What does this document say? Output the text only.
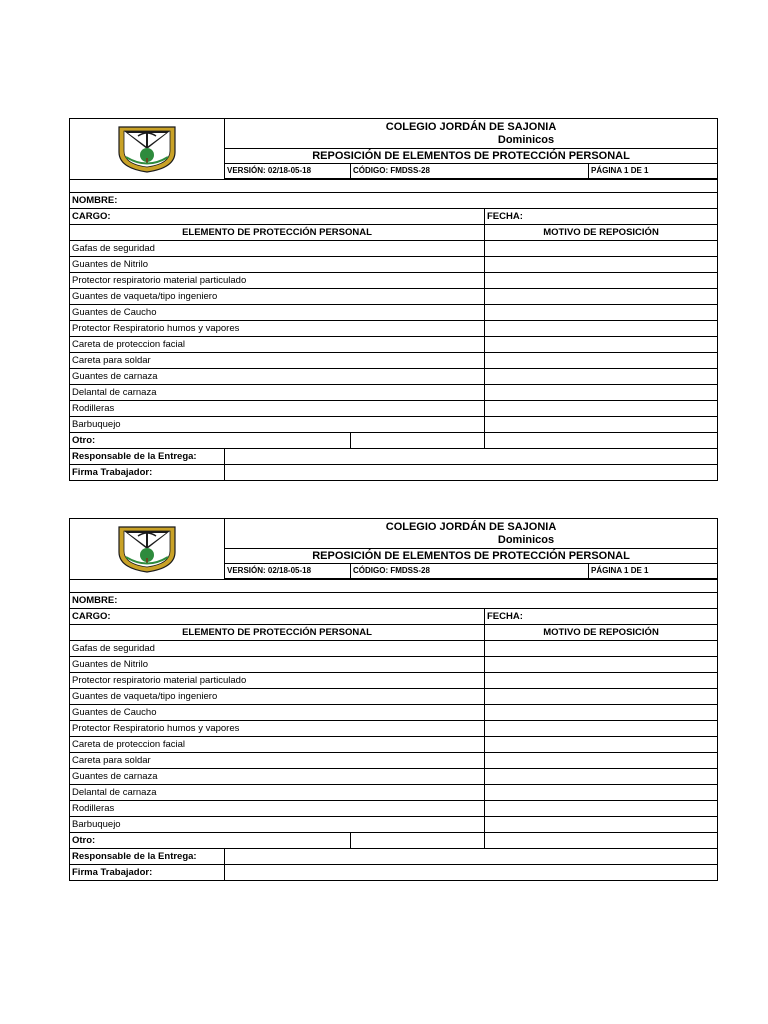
COLEGIO JORDÁN DE SAJONIA
Dominicos			

	REPOSICIÓN DE ELEMENTOS DE PROTECCIÓN PERSONAL			
	VERSIÓN: 02/18-05-18	CÓDIGO: FMDSS-28		PÁGINA 1 DE 1

NOMBRE:				
CARGO:			FECHA:	
ELEMENTO DE PROTECCIÓN PERSONAL			MOTIVO DE REPOSICIÓN	
Gafas de seguridad				
Guantes de Nitrilo				
Protector respiratorio material particulado				
Guantes de vaqueta/tipo ingeniero				
Guantes de Caucho				
Protector Respiratorio humos y vapores				
Careta de proteccion facial				
Careta para soldar				
Guantes de carnaza				
Delantal de carnaza				
Rodilleras				
Barbuquejo				
Otro:				
Responsable de la Entrega:				
Firma Trabajador:				

COLEGIO JORDÁN DE SAJONIA
Dominicos			

	REPOSICIÓN DE ELEMENTOS DE PROTECCIÓN PERSONAL			
	VERSIÓN: 02/18-05-18	CÓDIGO: FMDSS-28		PÁGINA 1 DE 1

NOMBRE:				
CARGO:			FECHA:	
ELEMENTO DE PROTECCIÓN PERSONAL			MOTIVO DE REPOSICIÓN	
Gafas de seguridad				
Guantes de Nitrilo				
Protector respiratorio material particulado				
Guantes de vaqueta/tipo ingeniero				
Guantes de Caucho				
Protector Respiratorio humos y vapores				
Careta de proteccion facial				
Careta para soldar				
Guantes de carnaza				
Delantal de carnaza				
Rodilleras				
Barbuquejo				
Otro:				
Responsable de la Entrega:				
Firma Trabajador:				
